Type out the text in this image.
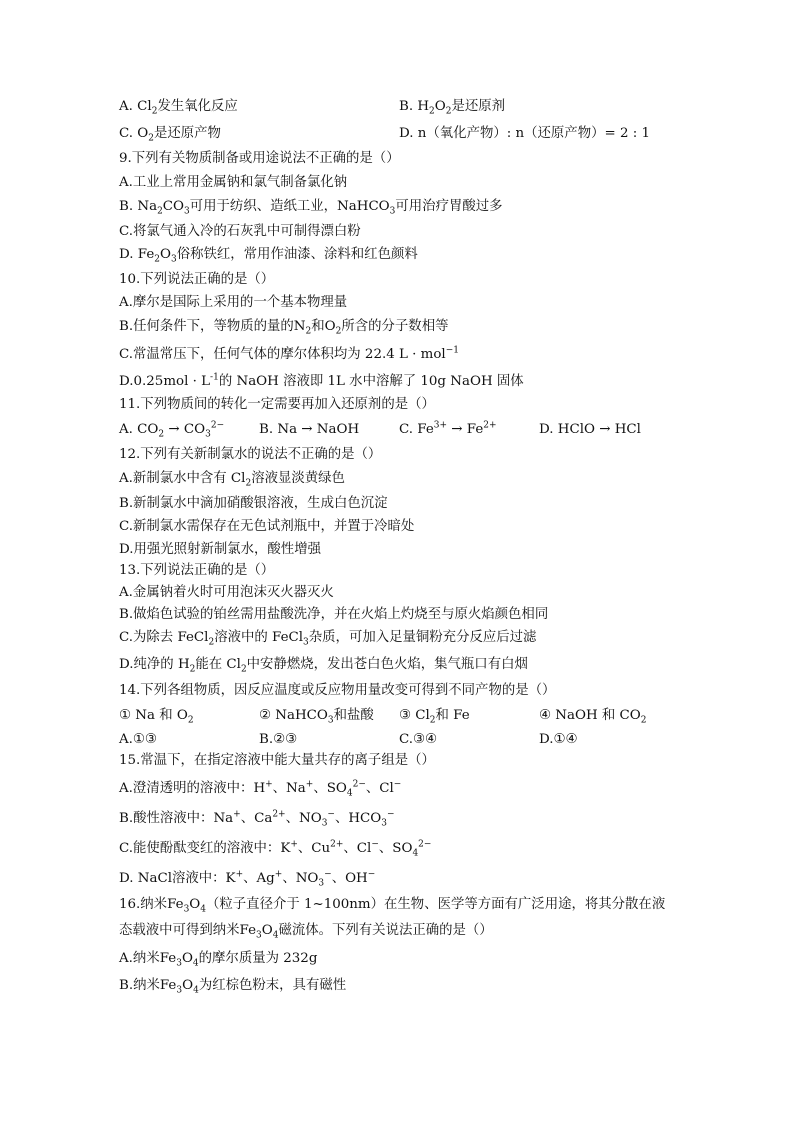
A. $Cl_2$发生氧化反应	B. $H_2O_2$是还原剂
C. $O_2$是还原产物	D. n（氧化产物）: n（还原产物）= 2 : 1
9.下列有关物质制备或用途说法不正确的是（）
A.工业上常用金属钠和氯气制备氯化钠
B. $Na_2CO_3$可用于纺织、造纸工业，NaHCO$_3$可用治疗胃酸过多
C.将氯气通入冷的石灰乳中可制得漂白粉
D. $Fe_2O_3$俗称铁红，常用作油漆、涂料和红色颜料
10.下列说法正确的是（）
A.摩尔是国际上采用的一个基本物理量
B.任何条件下，等物质的量的$N_2$和$O_2$所含的分子数相等
C.常温常压下，任何气体的摩尔体积均为 22.4 L · mol$^{-1}$
$D.0.25mol \cdot L^{-1}$的 NaOH 溶液即 1L 水中溶解了 10g NaOH 固体
11.下列物质间的转化一定需要再加入还原剂的是（）
A. $CO_2 \to CO_3^{2-}$	B. Na → NaOH	C. $Fe^{3+} \to Fe^{2+}$	D. HClO → HCl
12.下列有关新制氯水的说法不正确的是（）
A.新制氯水中含有 $Cl_2$溶液显淡黄绿色
B.新制氯水中滴加硝酸银溶液，生成白色沉淀
C.新制氯水需保存在无色试剂瓶中，并置于冷暗处
D.用强光照射新制氯水，酸性增强
13.下列说法正确的是（）
A.金属钠着火时可用泡沫灭火器灭火
B.做焰色试验的铂丝需用盐酸洗净，并在火焰上灼烧至与原火焰颜色相同
C.为除去 FeCl$_2$溶液中的 FeCl$_3$杂质，可加入足量铜粉充分反应后过滤
D.纯净的 $H_2$能在 $Cl_2$中安静燃烧，发出苍白色火焰，集气瓶口有白烟
14.下列各组物质，因反应温度或反应物用量改变可得到不同产物的是（）
① Na 和 $O_2$	② NaHCO$_3$和盐酸	③ $Cl_2$和 Fe	④ NaOH 和 $CO_2$
A.①③	B.②③	C.③④	D.①④
15.常温下，在指定溶液中能大量共存的离子组是（）
A.澄清透明的溶液中：H+、Na+、$SO_4^{2-}$、Cl−
B.酸性溶液中：Na+、$Ca^{2+}$、$NO_3^-$、$HCO_3^-$
C.能使酚酞变红的溶液中：K+、$Cu^{2+}$、Cl−、$SO_4^{2-}$
D. NaCl溶液中：K+、Ag+、$NO_3^-$、OH−
16.纳米$Fe_3O_4$（粒子直径介于 1~100nm）在生物、医学等方面有广泛用途，将其分散在液
态载液中可得到纳米$Fe_3O_4$磁流体。下列有关说法正确的是（）
A.纳米$Fe_3O_4$的摩尔质量为 232g
B.纳米$Fe_3O_4$为红棕色粉末，具有磁性
